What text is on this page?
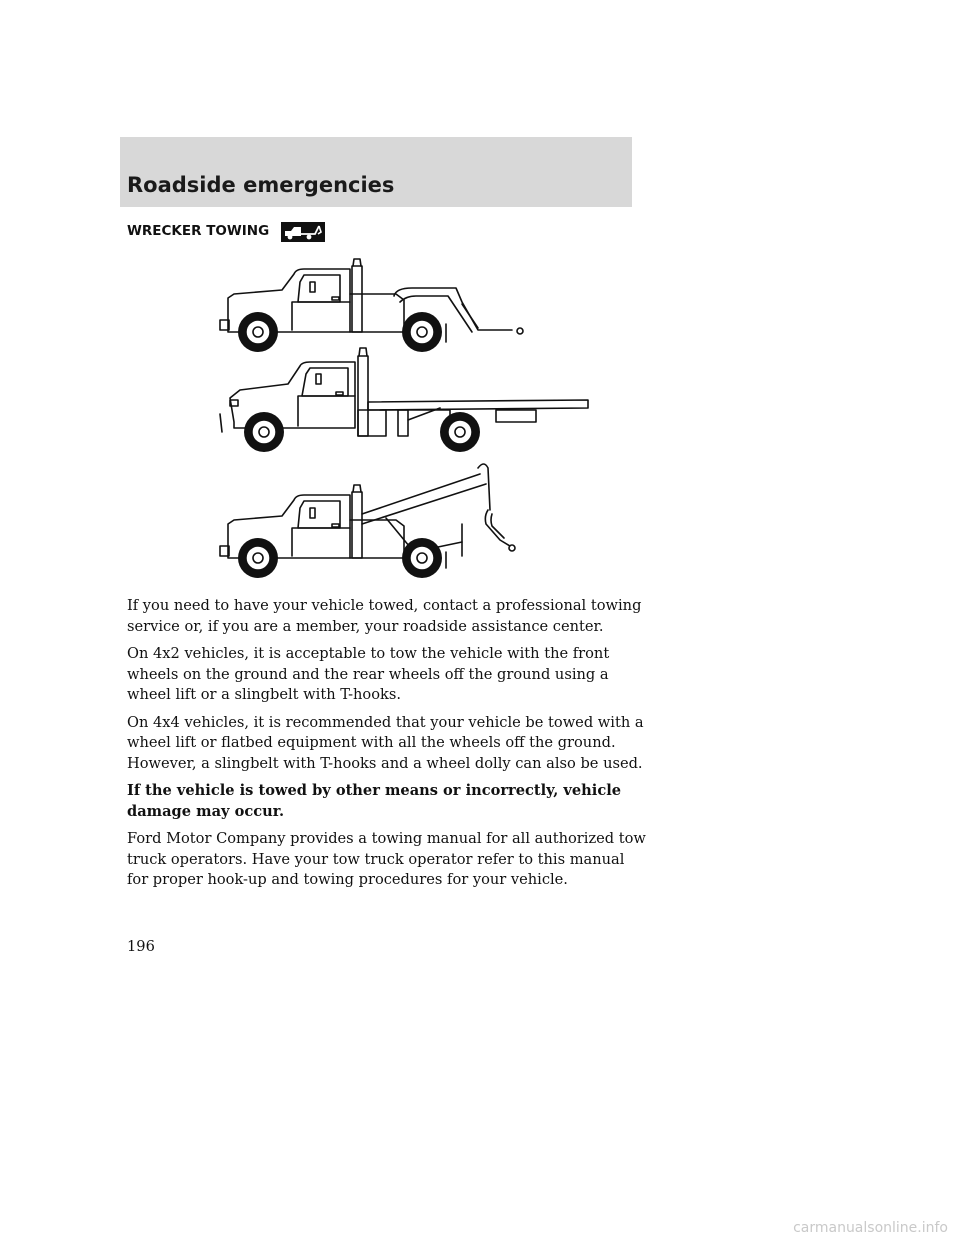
Roadside emergencies
WRECKER TOWING

If you need to have your vehicle towed, contact a professional towing service or, if you are a member, your roadside assistance center.

On 4x2 vehicles, it is acceptable to tow the vehicle with the front wheels on the ground and the rear wheels off the ground using a wheel lift or a slingbelt with T-hooks.

On 4x4 vehicles, it is recommended that your vehicle be towed with a wheel lift or flatbed equipment with all the wheels off the ground. However, a slingbelt with T-hooks and a wheel dolly can also be used.

If the vehicle is towed by other means or incorrectly, vehicle damage may occur.

Ford Motor Company provides a towing manual for all authorized tow truck operators. Have your tow truck operator refer to this manual for proper hook-up and towing procedures for your vehicle.

196
carmanualsonline.info
